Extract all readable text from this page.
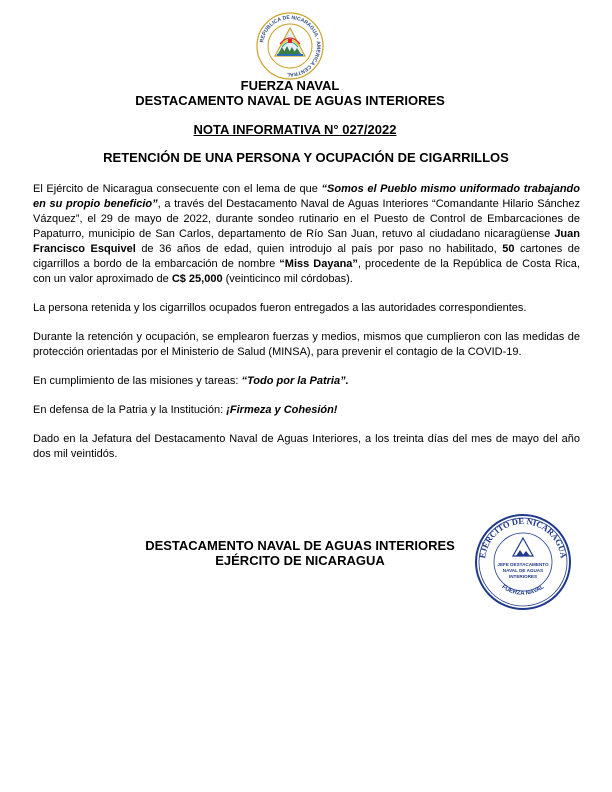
REPUBLICA DE NICARAGUA · AMERICA CENTRAL
FUERZA NAVAL
DESTACAMENTO NAVAL DE AGUAS INTERIORES
NOTA INFORMATIVA N° 027/2022
RETENCIÓN DE UNA PERSONA Y OCUPACIÓN DE CIGARRILLOS

El Ejército de Nicaragua consecuente con el lema de que “Somos el Pueblo mismo uniformado trabajando en su propio beneficio”, a través del Destacamento Naval de Aguas Interiores “Comandante Hilario Sánchez Vázquez”, el 29 de mayo de 2022, durante sondeo rutinario en el Puesto de Control de Embarcaciones de Papaturro, municipio de San Carlos, departamento de Río San Juan, retuvo al ciudadano nicaragüense Juan Francisco Esquivel de 36 años de edad, quien introdujo al país por paso no habilitado, 50 cartones de cigarrillos a bordo de la embarcación de nombre “Miss Dayana”, procedente de la República de Costa Rica, con un valor aproximado de C$ 25,000 (veinticinco mil córdobas).

La persona retenida y los cigarrillos ocupados fueron entregados a las autoridades correspondientes.

Durante la retención y ocupación, se emplearon fuerzas y medios, mismos que cumplieron con las medidas de protección orientadas por el Ministerio de Salud (MINSA), para prevenir el contagio de la COVID-19.

En cumplimiento de las misiones y tareas: “Todo por la Patria”.

En defensa de la Patria y la Institución: ¡Firmeza y Cohesión!

Dado en la Jefatura del Destacamento Naval de Aguas Interiores, a los treinta días del mes de mayo del año dos mil veintidós.

DESTACAMENTO NAVAL DE AGUAS INTERIORES
EJÉRCITO DE NICARAGUA	EJÉRCITO DE NICARAGUA
FUERZA NAVAL
JEFE DESTACAMENTO
NAVAL DE AGUAS
INTERIORES
